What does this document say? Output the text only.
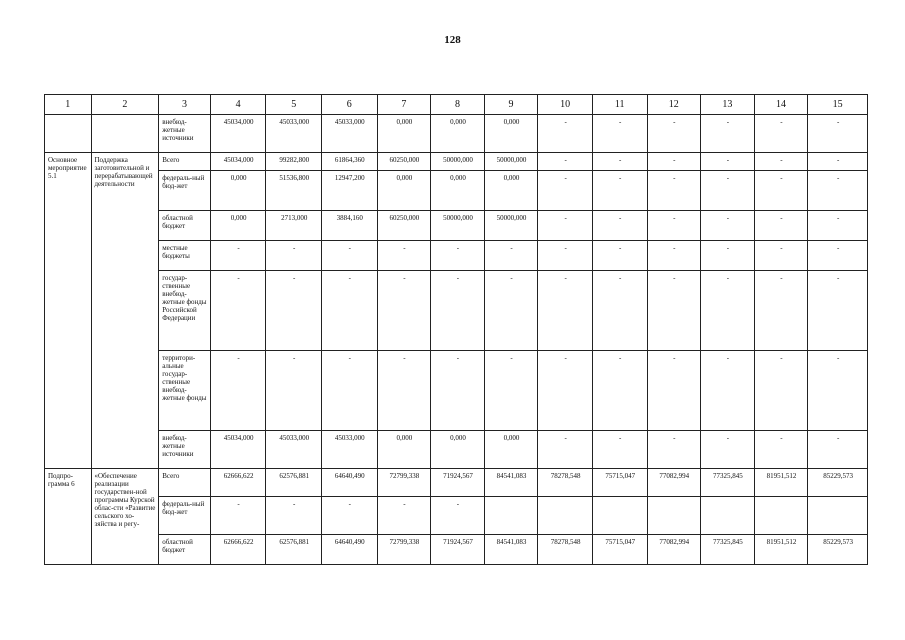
128
1	2	3	4	5	6	7	8	9	10	11	12	13	14	15
		внебюд-жетные источники	45034,000	45033,000	45033,000	0,000	0,000	0,000	-	-	-	-	-	-
Основное мероприятие 5.1	Поддержка заготовительной и перерабатывающей деятельности	Всего	45034,000	99282,800	61864,360	60250,000	50000,000	50000,000	-	-	-	-	-	-
		федераль-ный бюд-жет	0,000	51536,800	12947,200	0,000	0,000	0,000	-	-	-	-	-	-
		областной бюджет	0,000	2713,000	3884,160	60250,000	50000,000	50000,000	-	-	-	-	-	-
		местные бюджеты	-	-	-	-	-	-	-	-	-	-	-	-
		государ-ственные внебюд-жетные фонды Российской Федерации	-	-	-	-	-	-	-	-	-	-	-	-
		территори-альные государ-ственные внебюд-жетные фонды	-	-	-	-	-	-	-	-	-	-	-	-
		внебюд-жетные источники	45034,000	45033,000	45033,000	0,000	0,000	0,000	-	-	-	-	-	-
Подпро-грамма 6	«Обеспечение реализации государствен-ной программы Курской облас-сти «Развитие сельского хо-зяйства и регу-	Всего	62666,622	62576,881	64640,490	72799,338	71924,567	84541,083	78278,548	75715,047	77082,994	77325,845	81951,512	85229,573
		федераль-ный бюд-жет	-	-	-	-	-							
		областной бюджет	62666,622	62576,881	64640,490	72799,338	71924,567	84541,083	78278,548	75715,047	77082,994	77325,845	81951,512	85229,573
